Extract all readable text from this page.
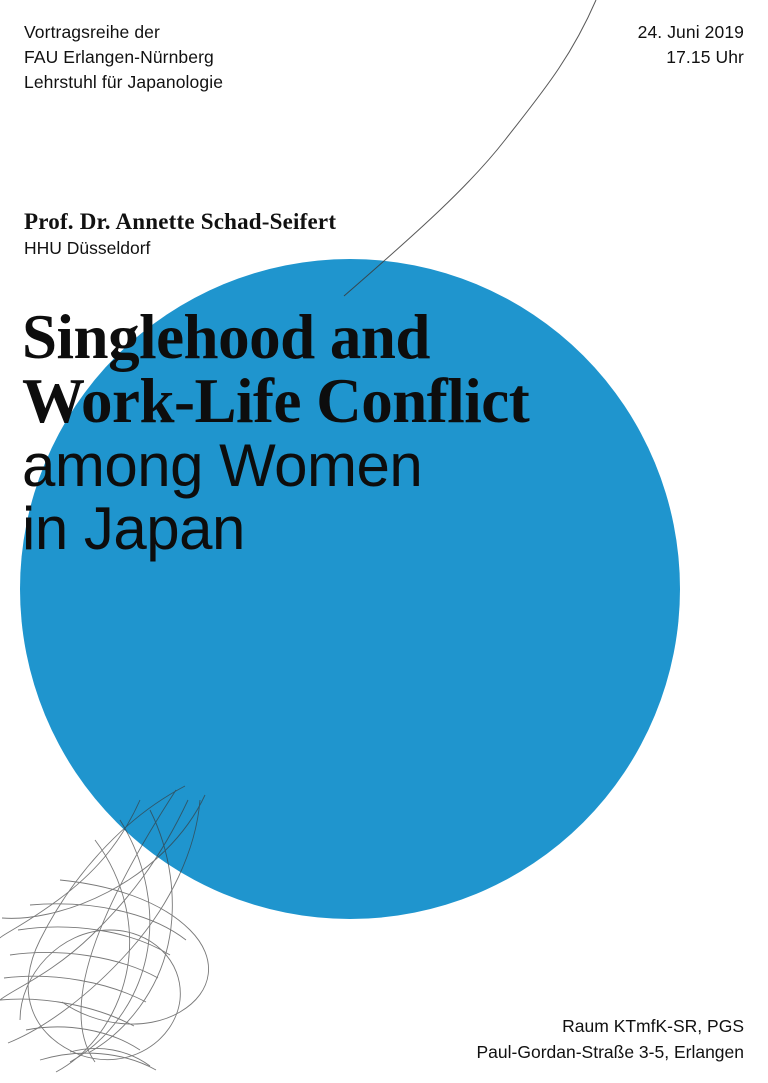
Vortragsreihe der
FAU Erlangen-Nürnberg
Lehrstuhl für Japanologie
24. Juni 2019
17.15 Uhr
Prof. Dr. Annette Schad-Seifert
HHU Düsseldorf
Singlehood and
Work-Life Conflict
among Women
in Japan
Raum KTmfK-SR, PGS
Paul-Gordan-Straße 3-5, Erlangen
